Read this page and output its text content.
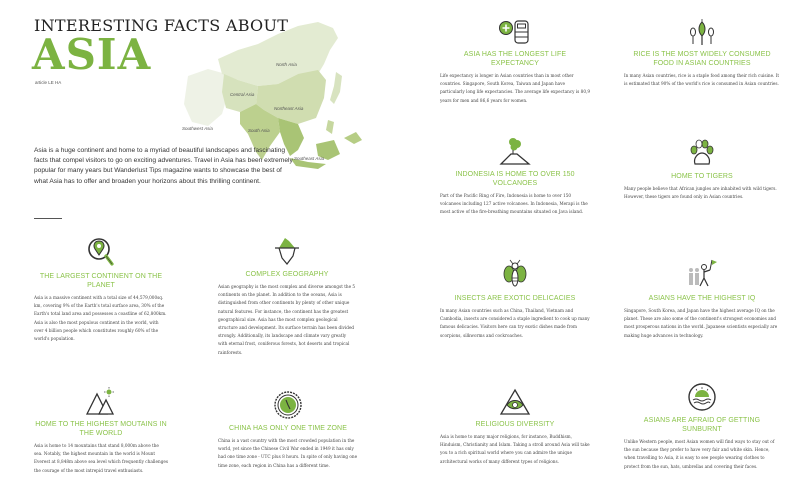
INTERESTING FACTS ABOUT
ASIA
article LE HA
North Asia
Central Asia
Northeast Asia
Southwest Asia	South Asia
Southeast Asia

Asia is a huge continent and home to a myriad of beautiful landscapes and fascinating facts that compel visitors to go on exciting adventures. Travel in Asia has been extremely popular for many years but Wanderlust Tips magazine wants to showcase the best of what Asia has to offer and broaden your horizons about this thrilling continent.

THE LARGEST CONTINENT ON THE PLANET

Asia is a massive continent with a total size of 44,579,000sq. km, covering 9% of the Earth's total surface area, 30% of the Earth's total land area and possesses a coastline of 62,800km. Asia is also the most populous continent in the world, with over 4 billion people which constitutes roughly 60% of the world's population.

COMPLEX GEOGRAPHY

Asian geography is the most complex and diverse amongst the 5 continents on the planet. In addition to the oceans, Asia is distinguished from other continents by plenty of other unique natural features. For instance, the continent has the greatest geographical size. Asia has the most complex geological structure and development. Its surface terrain has been divided strongly. Additionally, its landscape and climate vary greatly with eternal frost, coniferous forests, hot deserts and tropical rainforests.

HOME TO THE HIGHEST MOUTAINS IN THE WORLD

Asia is home to 14 mountains that stand 8,000m above the sea. Notably, the highest mountain in the world is Mount Everest at 8,848m above sea level which frequently challenges the courage of the most intrepid travel enthusiasts.

CHINA HAS ONLY ONE TIME ZONE

China is a vast country with the most crowded population in the world, yet since the Chinese Civil War ended in 1949 it has only had one time zone - UTC plus 8 hours. In spite of only having one time zone, each region in China has a different time.

ASIA HAS THE LONGEST LIFE EXPECTANCY

Life expectancy is longer in Asian countries than in most other countries. Singapore, South Korea, Taiwan and Japan have particularly long life expectancies. The average life expectancy is 80,9 years for men and 86,6 years for women.

RICE IS THE MOST WIDELY CONSUMED FOOD IN ASIAN COUNTRIES

In many Asian countries, rice is a staple food among their rich cuisine. It is estimated that 90% of the world's rice is consumed in Asian countries.

INDONESIA IS HOME TO OVER 150 VOLCANOES

Part of the Pacific Ring of Fire, Indonesia is home to over 150 volcanoes including 127 active volcanoes. In Indonesia, Merapi is the most active of the fire-breathing mountains situated on Java island.

HOME TO TIGERS

Many people believe that African jungles are inhabited with wild tigers. However, these tigers are found only in Asian countries.

INSECTS ARE EXOTIC DELICACIES

In many Asian countries such as China, Thailand, Vietnam and Cambodia, insects are considered a staple ingredient to cook up many famous delicacies. Visitors here can try exotic dishes made from scorpions, silkworms and cockroaches.

ASIANS HAVE THE HIGHEST IQ

Singapore, South Korea, and Japan have the highest average IQ on the planet. These are also some of the continent's strongest economies and most prosperous nations in the world. Japanese scientists especially are making huge advances in technology.

RELIGIOUS DIVERSITY

Asia is home to many major religions, for instance, Buddhism, Hinduism, Christianity and Islam. Taking a stroll around Asia will take you to a rich spiritual world where you can admire the unique architectural works of many different types of religions.

ASIANS ARE AFRAID OF GETTING SUNBURNT

Unlike Western people, most Asian women will find ways to stay out of the sun because they prefer to have very fair and white skin. Hence, when travelling to Asia, it is easy to see people wearing clothes to protect from the sun, hats, umbrellas and covering their faces.
